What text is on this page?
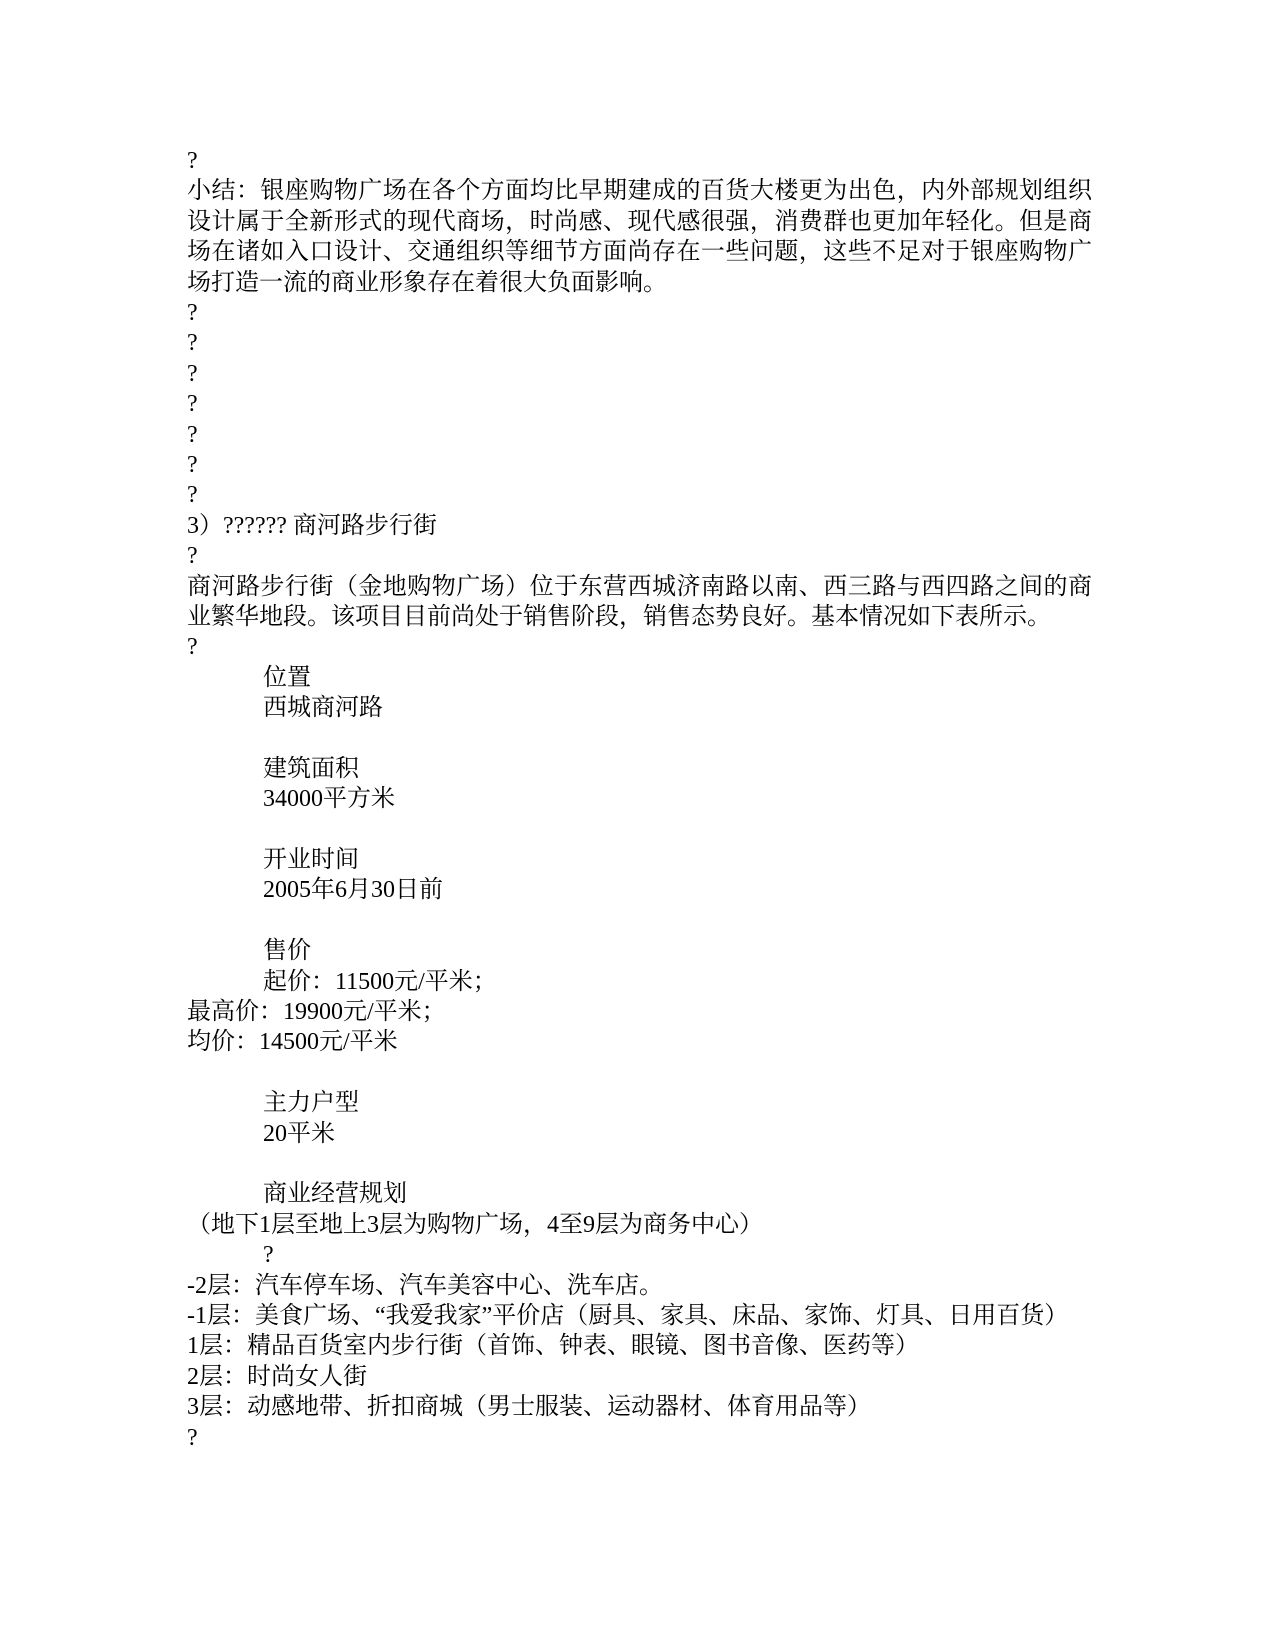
?
小结：银座购物广场在各个方面均比早期建成的百货大楼更为出色，内外部规划组织设计属于全新形式的现代商场，时尚感、现代感很强，消费群也更加年轻化。但是商场在诸如入口设计、交通组织等细节方面尚存在一些问题，这些不足对于银座购物广场打造一流的商业形象存在着很大负面影响。
?
?
?
?
?
?
?
3）?????? 商河路步行街
?
商河路步行街（金地购物广场）位于东营西城济南路以南、西三路与西四路之间的商业繁华地段。该项目目前尚处于销售阶段，销售态势良好。基本情况如下表所示。
?
位置
西城商河路
建筑面积
34000平方米
开业时间
2005年6月30日前
售价
起价：11500元/平米；
最高价：19900元/平米；
均价：14500元/平米
主力户型
20平米
商业经营规划
（地下1层至地上3层为购物广场，4至9层为商务中心）
?
-2层：汽车停车场、汽车美容中心、洗车店。
-1层：美食广场、“我爱我家”平价店（厨具、家具、床品、家饰、灯具、日用百货）
1层：精品百货室内步行街（首饰、钟表、眼镜、图书音像、医药等）
2层：时尚女人街
3层：动感地带、折扣商城（男士服装、运动器材、体育用品等）
?
